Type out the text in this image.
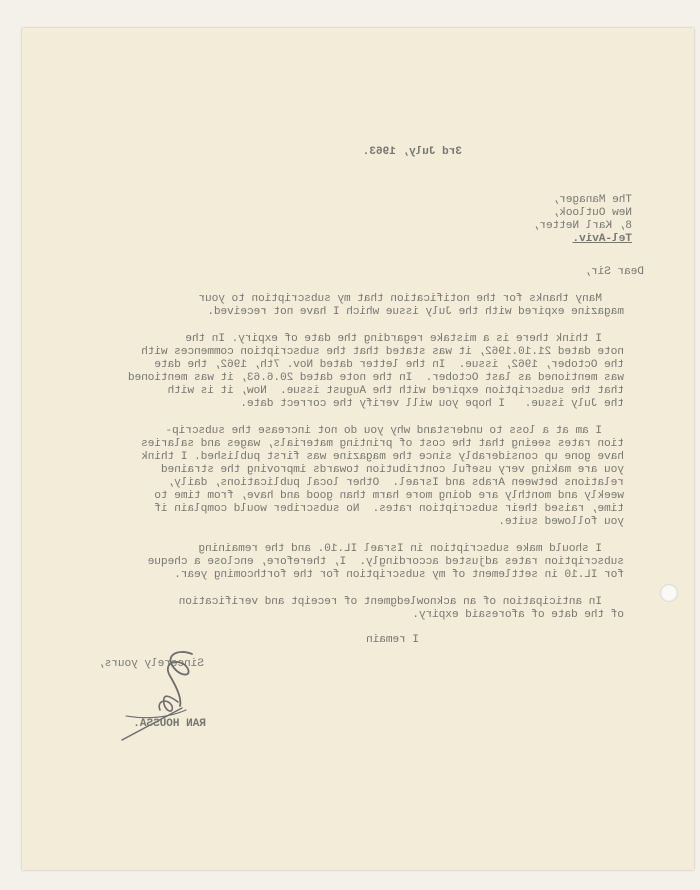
3rd July, 1963.
The Manager,
New Outlook,
8, Karl Netter,
Tel-Aviv.
Dear Sir,
Many thanks for the notification that my subscription to your
magazine expired with the July issue which I have not received.
I think there is a mistake regarding the date of expiry. In the
note dated 21.10.1962, it was stated that the subscription commences with
the October, 1962, issue.  In the letter dated Nov. 7th, 1962, the date
was mentioned as last October.  In the note dated 20.6.63, it was mentioned
that the subscription expired with the August issue.  Now, it is with
the July issue.   I hope you will verify the correct date.
I am at a loss to understand why you do not increase the subscrip-
tion rates seeing that the cost of printing materials, wages and salaries
have gone up considerably since the magazine was first published. I think
you are making very useful contribution towards improving the strained
relations between Arabs and Israel.  Other local publications, daily,
weekly and monthly are doing more harm than good and have, from time to
time, raised their subscription rates.  No subscriber would complain if
you followed suite.
I should make subscription in Israel IL.10. and the remaining
subscription rates adjusted accordingly.  I, therefore, enclose a cheque
for IL.10 in settlement of my subscription for the forthcoming year.
In anticipation of an acknowledgment of receipt and verification
of the date of aforesaid expiry.
I remain
Sincerely yours,
RAN HOUSSA.
